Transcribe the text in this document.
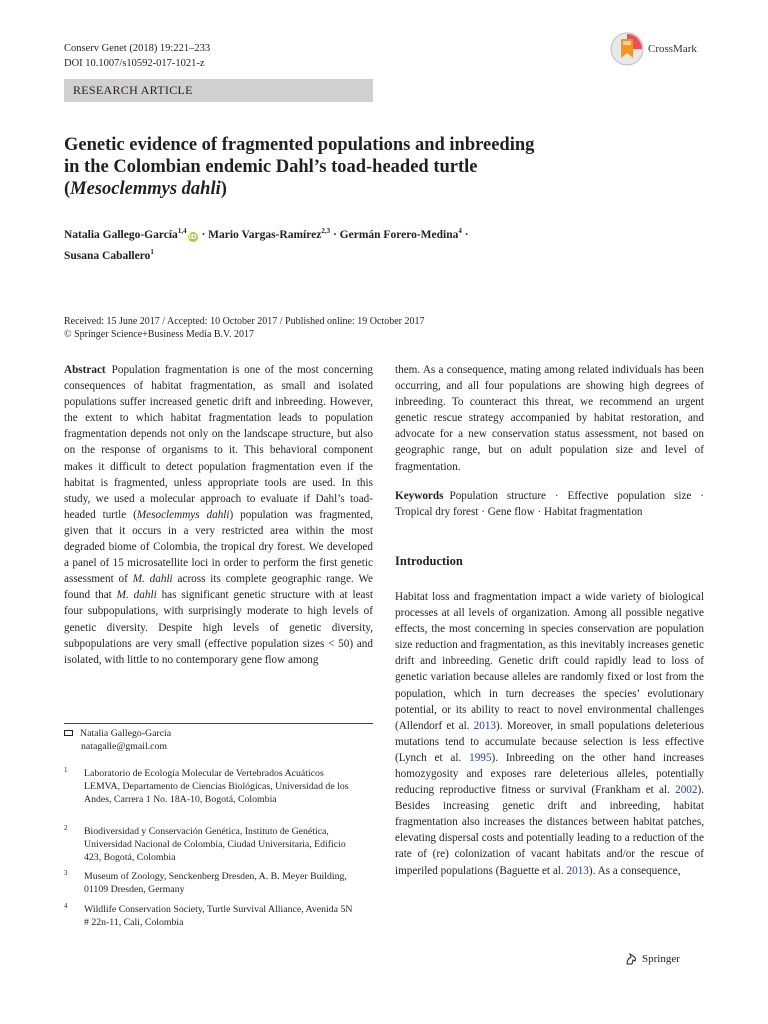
Conserv Genet (2018) 19:221–233
DOI 10.1007/s10592-017-1021-z
CrossMark
RESEARCH ARTICLE
Genetic evidence of fragmented populations and inbreeding
in the Colombian endemic Dahl’s toad-headed turtle
(Mesoclemmys dahli)
Natalia Gallego-García$^{1,4}$iD · Mario Vargas-Ramírez$^{2,3}$ · Germán Forero-Medina$^4$ ·
Susana Caballero$^1$
Received: 15 June 2017 / Accepted: 10 October 2017 / Published online: 19 October 2017
© Springer Science+Business Media B.V. 2017
Abstract Population fragmentation is one of the most concerning consequences of habitat fragmentation, as small and isolated populations suffer increased genetic drift and inbreeding. However, the extent to which habitat fragmentation leads to population fragmentation depends not only on the landscape structure, but also on the response of organisms to it. This behavioral component makes it difficult to detect population fragmentation even if the habitat is fragmented, unless appropriate tools are used. In this study, we used a molecular approach to evaluate if Dahl’s toad-headed turtle (Mesoclemmys dahli) population was fragmented, given that it occurs in a very restricted area within the most degraded biome of Colombia, the tropical dry forest. We developed a panel of 15 microsatellite loci in order to perform the first genetic assessment of M. dahli across its complete geographic range. We found that M. dahli has significant genetic structure with at least four subpopulations, with surprisingly moderate to high levels of genetic diversity. Despite high levels of genetic diversity, subpopulations are very small (effective population sizes < 50) and isolated, with little to no contemporary gene flow among
them. As a consequence, mating among related individuals has been occurring, and all four populations are showing high degrees of inbreeding. To counteract this threat, we recommend an urgent genetic rescue strategy accompanied by habitat restoration, and advocate for a new conservation status assessment, not based on geographic range, but on adult population size and level of fragmentation.
Keywords Population structure · Effective population size · Tropical dry forest · Gene flow · Habitat fragmentation
Introduction
Habitat loss and fragmentation impact a wide variety of biological processes at all levels of organization. Among all possible negative effects, the most concerning in species conservation are population size reduction and fragmentation, as this inevitably increases genetic drift and inbreeding. Genetic drift could rapidly lead to loss of genetic variation because alleles are randomly fixed or lost from the population, which in turn decreases the species’ evolutionary potential, or its ability to react to novel environmental challenges (Allendorf et al. 2013). Moreover, in small populations deleterious mutations tend to accumulate because selection is less effective (Lynch et al. 1995). Inbreeding on the other hand increases homozygosity and exposes rare deleterious alleles, potentially reducing reproductive fitness or survival (Frankham et al. 2002). Besides increasing genetic drift and inbreeding, habitat fragmentation also increases the distances between habitat patches, elevating dispersal costs and potentially leading to a reduction of the rate of (re) colonization of vacant habitats and/or the rescue of imperiled populations (Baguette et al. 2013). As a consequence,
Natalia Gallego-García
natagalle@gmail.com
1 Laboratorio de Ecología Molecular de Vertebrados Acuáticos LEMVA, Departamento de Ciencias Biológicas, Universidad de los Andes, Carrera 1 No. 18A-10, Bogotá, Colombia
2 Biodiversidad y Conservación Genética, Instituto de Genética, Universidad Nacional de Colombia, Ciudad Universitaria, Edificio 423, Bogotá, Colombia
3 Museum of Zoology, Senckenberg Dresden, A. B. Meyer Building, 01109 Dresden, Germany
4 Wildlife Conservation Society, Turtle Survival Alliance, Avenida 5N # 22n-11, Cali, Colombia
Springer
